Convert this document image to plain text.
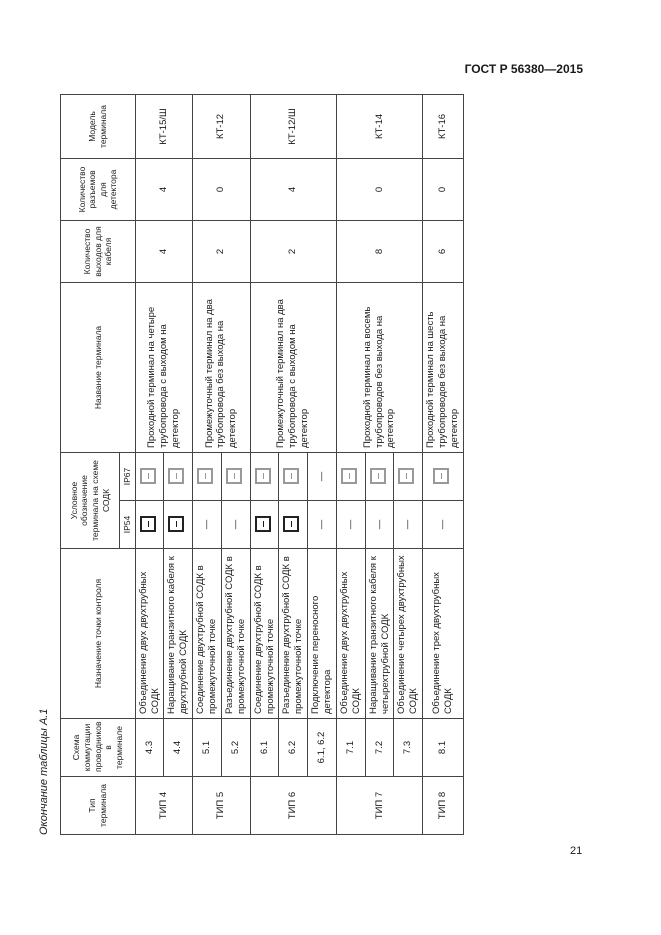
ГОСТ Р 56380—2015
Окончание таблицы А.1	Тип терминала	Схема коммутации проводников в терминале	Назначение точки контроля	Условное обозначение терминала на схеме СОДК		Название терминала	Количество выходов для кабеля	Количество разъемов для детектора	Модель терминала
			IP54	IP67				
ТИП 4	4.3	Объединение двух двухтрубных СОДК			Проходной терминал на четыре трубопровода с выходом на детектор	4	4	КТ-15/Ш
	4.4	Наращивание транзитного кабеля к двухтрубной СОДК						
ТИП 5	5.1	Соединение двухтрубной СОДК в промежуточной точке	—		Промежуточный терминал на два трубопровода без выхода на детектор	2	0	КТ-12
	5.2	Разъединение двухтрубной СОДК в промежуточной точке	—					
ТИП 6	6.1	Соединение двухтрубной СОДК в промежуточной точке			Промежуточный терминал на два трубопровода с выходом на детектор	2	4	КТ-12/Ш
	6.2	Разъединение двухтрубной СОДК в промежуточной точке						
	6.1, 6.2	Подключение переносного детектора	—	—				
ТИП 7	7.1	Объединение двух двухтрубных СОДК	—		Проходной терминал на восемь трубопроводов без выхода на детектор	8	0	КТ-14
	7.2	Наращивание транзитного кабеля к четырехтрубной СОДК	—					
	7.3	Объединение четырех двухтрубных СОДК	—					
ТИП 8	8.1	Объединение трех двухтрубных СОДК	—		Проходной терминал на шесть трубопроводов без выхода на детектор	6	0	КТ-16
21
